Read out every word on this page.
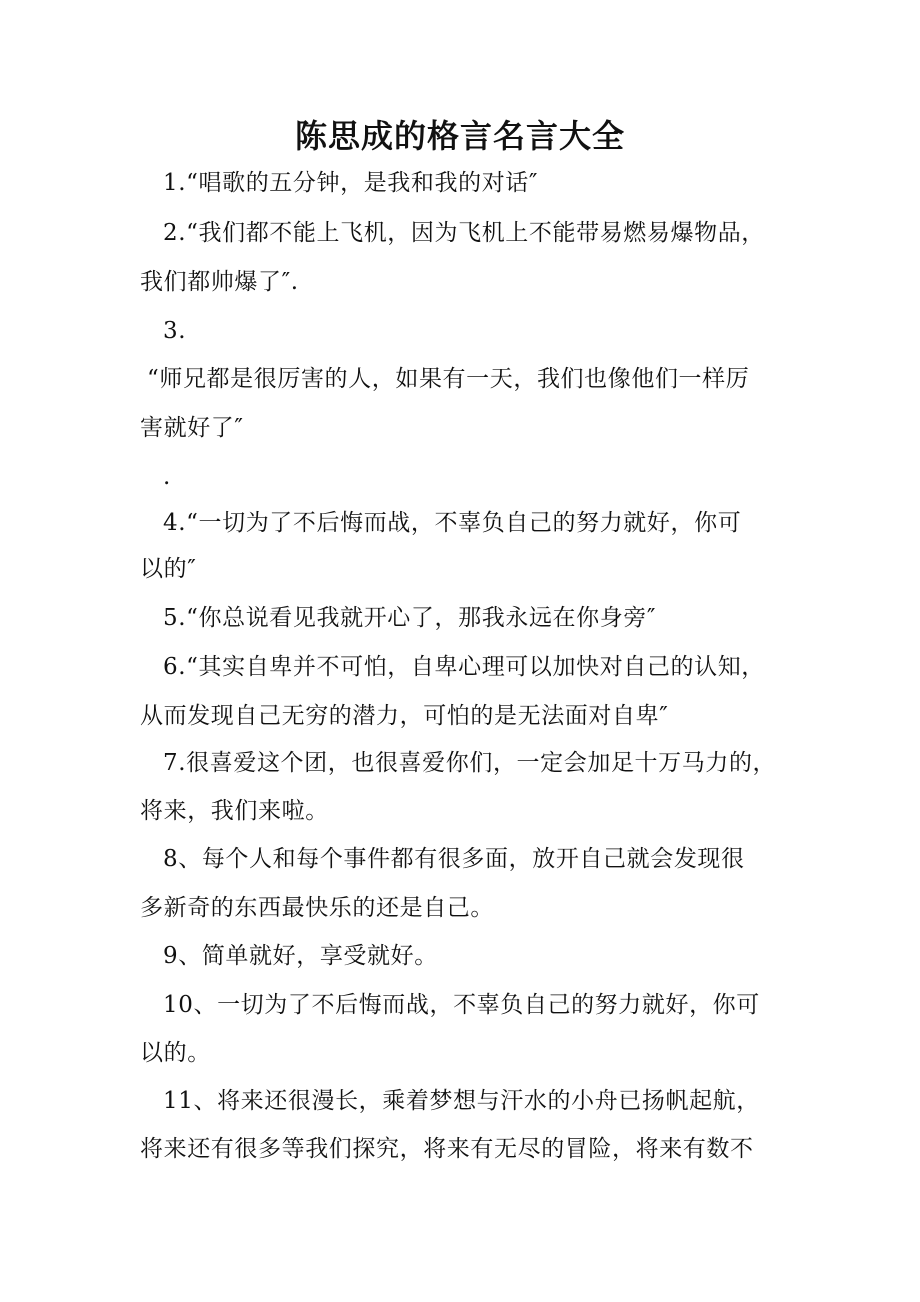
陈思成的格言名言大全
1.“唱歌的五分钟，是我和我的对话″
2.“我们都不能上飞机，因为飞机上不能带易燃易爆物品，
我们都帅爆了″.
3.
“师兄都是很厉害的人，如果有一天，我们也像他们一样厉
害就好了″
.
4.“一切为了不后悔而战，不辜负自己的努力就好，你可
以的″
5.“你总说看见我就开心了，那我永远在你身旁″
6.“其实自卑并不可怕，自卑心理可以加快对自己的认知，
从而发现自己无穷的潜力，可怕的是无法面对自卑″
7.很喜爱这个团，也很喜爱你们，一定会加足十万马力的，
将来，我们来啦。
8、每个人和每个事件都有很多面，放开自己就会发现很
多新奇的东西最快乐的还是自己。
9、简单就好，享受就好。
10、一切为了不后悔而战，不辜负自己的努力就好，你可
以的。
11、将来还很漫长，乘着梦想与汗水的小舟已扬帆起航，
将来还有很多等我们探究，将来有无尽的冒险，将来有数不
